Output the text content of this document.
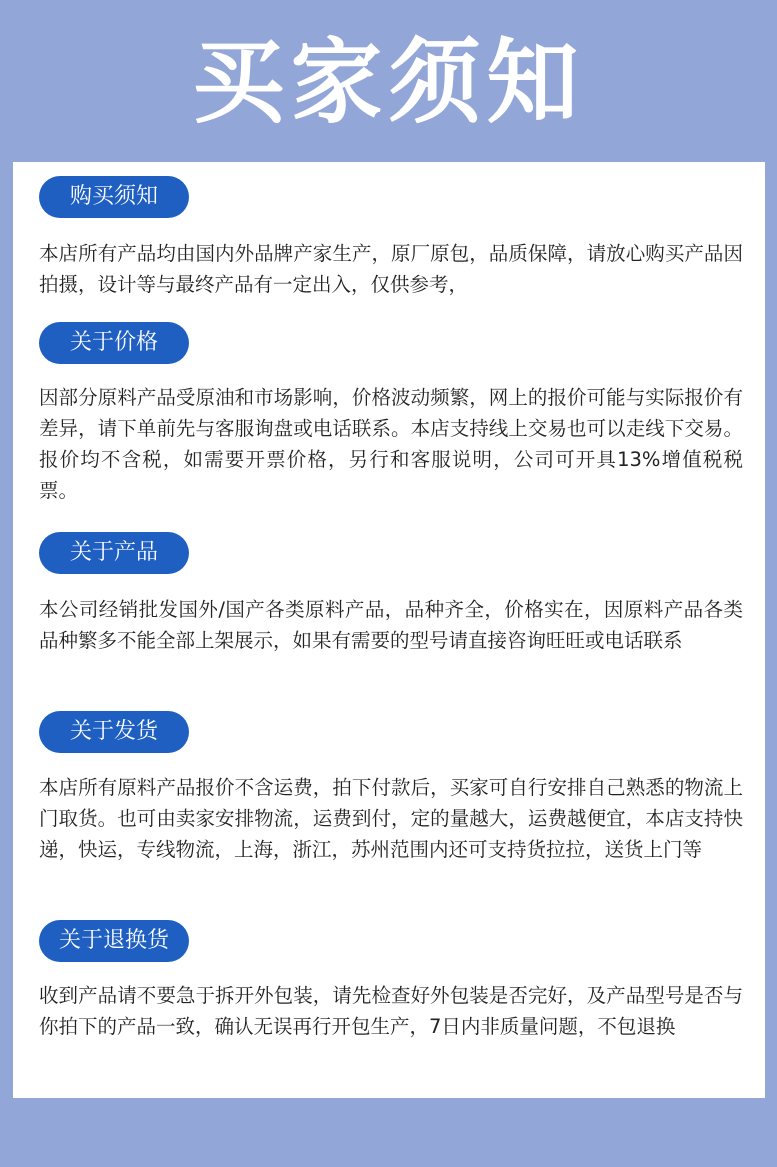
买家须知
购买须知
本店所有产品均由国内外品牌产家生产，原厂原包，品质保障，请放心购买产品因拍摄，设计等与最终产品有一定出入，仅供参考，
关于价格
因部分原料产品受原油和市场影响，价格波动频繁，网上的报价可能与实际报价有差异，请下单前先与客服询盘或电话联系。本店支持线上交易也可以走线下交易。报价均不含税，如需要开票价格，另行和客服说明，公司可开具13%增值税税票。
关于产品
本公司经销批发国外/国产各类原料产品，品种齐全，价格实在，因原料产品各类品种繁多不能全部上架展示，如果有需要的型号请直接咨询旺旺或电话联系
关于发货
本店所有原料产品报价不含运费，拍下付款后，买家可自行安排自己熟悉的物流上门取货。也可由卖家安排物流，运费到付，定的量越大，运费越便宜，本店支持快递，快运，专线物流，上海，浙江，苏州范围内还可支持货拉拉，送货上门等
关于退换货
收到产品请不要急于拆开外包装，请先检查好外包装是否完好，及产品型号是否与你拍下的产品一致，确认无误再行开包生产，7日内非质量问题，不包退换
